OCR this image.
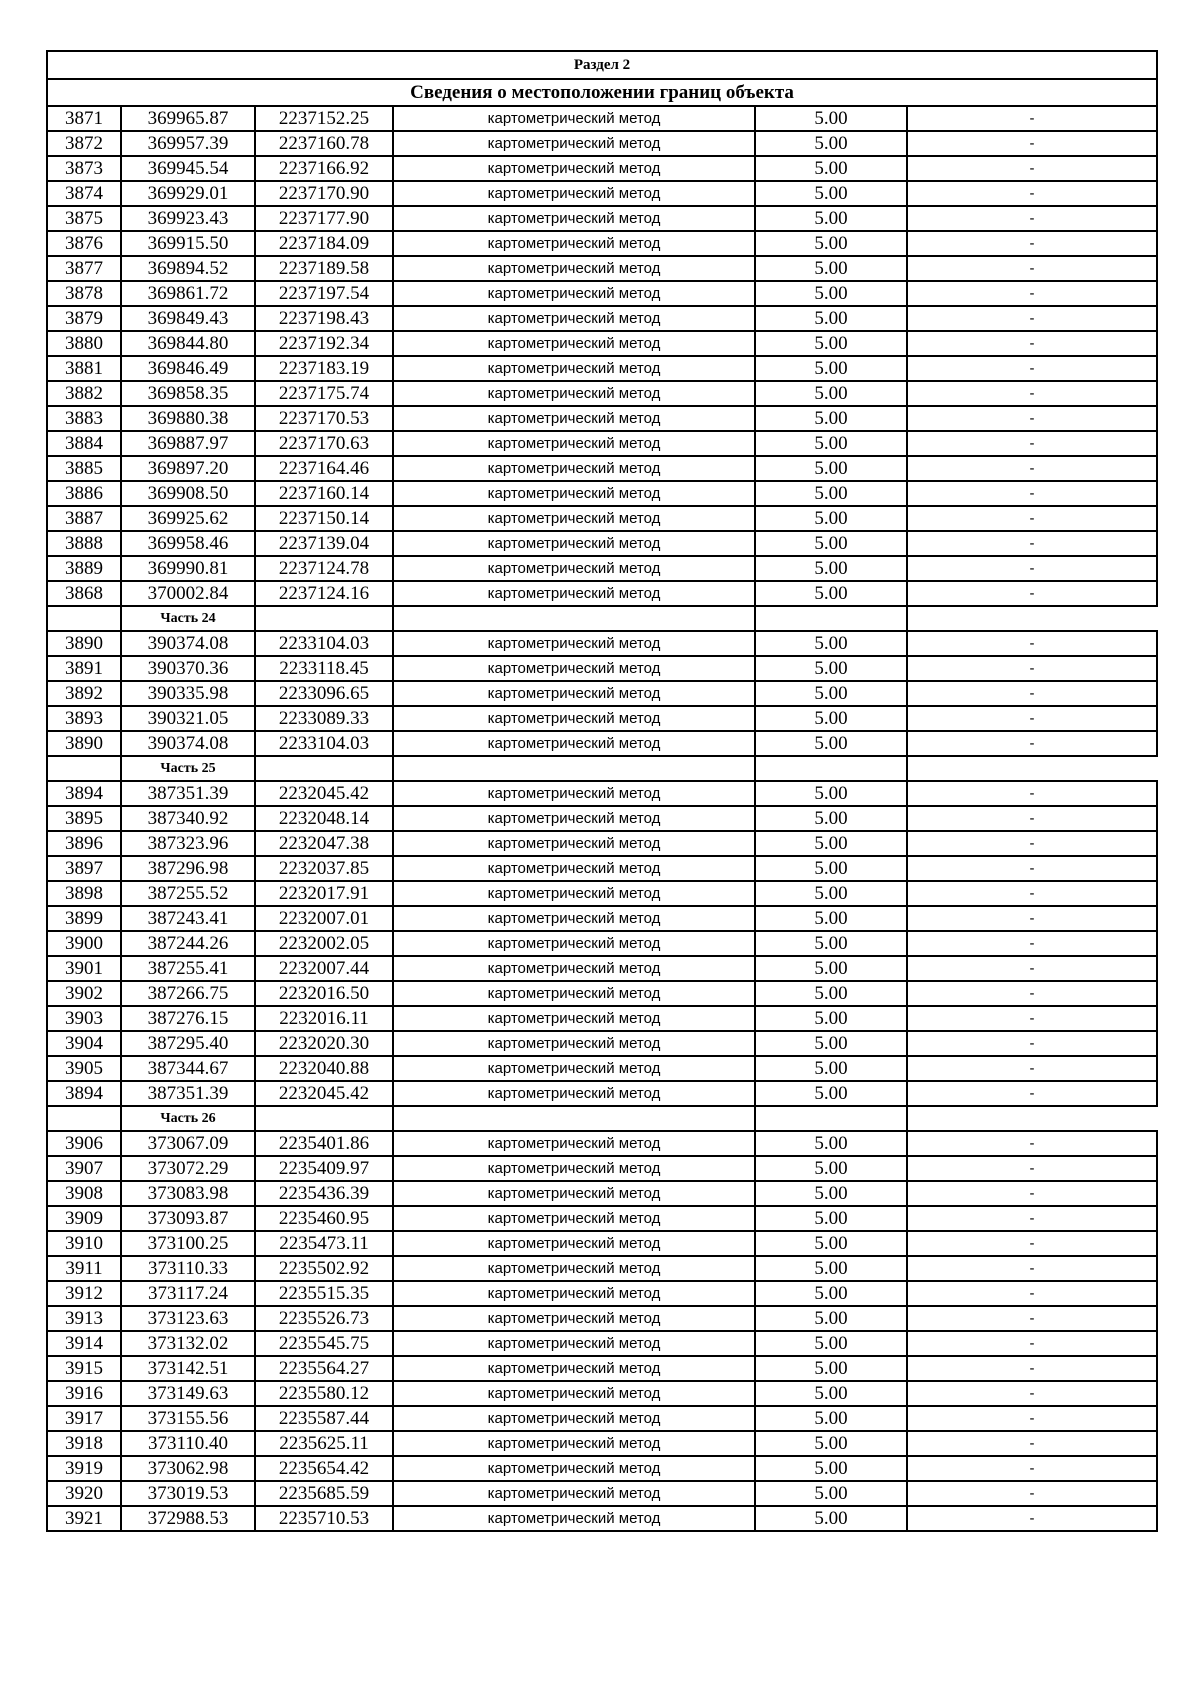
Раздел 2					
Сведения о местоположении границ объекта					
3871	369965.87	2237152.25	картометрический метод	5.00	-
3872	369957.39	2237160.78	картометрический метод	5.00	-
3873	369945.54	2237166.92	картометрический метод	5.00	-
3874	369929.01	2237170.90	картометрический метод	5.00	-
3875	369923.43	2237177.90	картометрический метод	5.00	-
3876	369915.50	2237184.09	картометрический метод	5.00	-
3877	369894.52	2237189.58	картометрический метод	5.00	-
3878	369861.72	2237197.54	картометрический метод	5.00	-
3879	369849.43	2237198.43	картометрический метод	5.00	-
3880	369844.80	2237192.34	картометрический метод	5.00	-
3881	369846.49	2237183.19	картометрический метод	5.00	-
3882	369858.35	2237175.74	картометрический метод	5.00	-
3883	369880.38	2237170.53	картометрический метод	5.00	-
3884	369887.97	2237170.63	картометрический метод	5.00	-
3885	369897.20	2237164.46	картометрический метод	5.00	-
3886	369908.50	2237160.14	картометрический метод	5.00	-
3887	369925.62	2237150.14	картометрический метод	5.00	-
3888	369958.46	2237139.04	картометрический метод	5.00	-
3889	369990.81	2237124.78	картометрический метод	5.00	-
3868	370002.84	2237124.16	картометрический метод	5.00	-
	Часть 24				
3890	390374.08	2233104.03	картометрический метод	5.00	-
3891	390370.36	2233118.45	картометрический метод	5.00	-
3892	390335.98	2233096.65	картометрический метод	5.00	-
3893	390321.05	2233089.33	картометрический метод	5.00	-
3890	390374.08	2233104.03	картометрический метод	5.00	-
	Часть 25				
3894	387351.39	2232045.42	картометрический метод	5.00	-
3895	387340.92	2232048.14	картометрический метод	5.00	-
3896	387323.96	2232047.38	картометрический метод	5.00	-
3897	387296.98	2232037.85	картометрический метод	5.00	-
3898	387255.52	2232017.91	картометрический метод	5.00	-
3899	387243.41	2232007.01	картометрический метод	5.00	-
3900	387244.26	2232002.05	картометрический метод	5.00	-
3901	387255.41	2232007.44	картометрический метод	5.00	-
3902	387266.75	2232016.50	картометрический метод	5.00	-
3903	387276.15	2232016.11	картометрический метод	5.00	-
3904	387295.40	2232020.30	картометрический метод	5.00	-
3905	387344.67	2232040.88	картометрический метод	5.00	-
3894	387351.39	2232045.42	картометрический метод	5.00	-
	Часть 26				
3906	373067.09	2235401.86	картометрический метод	5.00	-
3907	373072.29	2235409.97	картометрический метод	5.00	-
3908	373083.98	2235436.39	картометрический метод	5.00	-
3909	373093.87	2235460.95	картометрический метод	5.00	-
3910	373100.25	2235473.11	картометрический метод	5.00	-
3911	373110.33	2235502.92	картометрический метод	5.00	-
3912	373117.24	2235515.35	картометрический метод	5.00	-
3913	373123.63	2235526.73	картометрический метод	5.00	-
3914	373132.02	2235545.75	картометрический метод	5.00	-
3915	373142.51	2235564.27	картометрический метод	5.00	-
3916	373149.63	2235580.12	картометрический метод	5.00	-
3917	373155.56	2235587.44	картометрический метод	5.00	-
3918	373110.40	2235625.11	картометрический метод	5.00	-
3919	373062.98	2235654.42	картометрический метод	5.00	-
3920	373019.53	2235685.59	картометрический метод	5.00	-
3921	372988.53	2235710.53	картометрический метод	5.00	-
